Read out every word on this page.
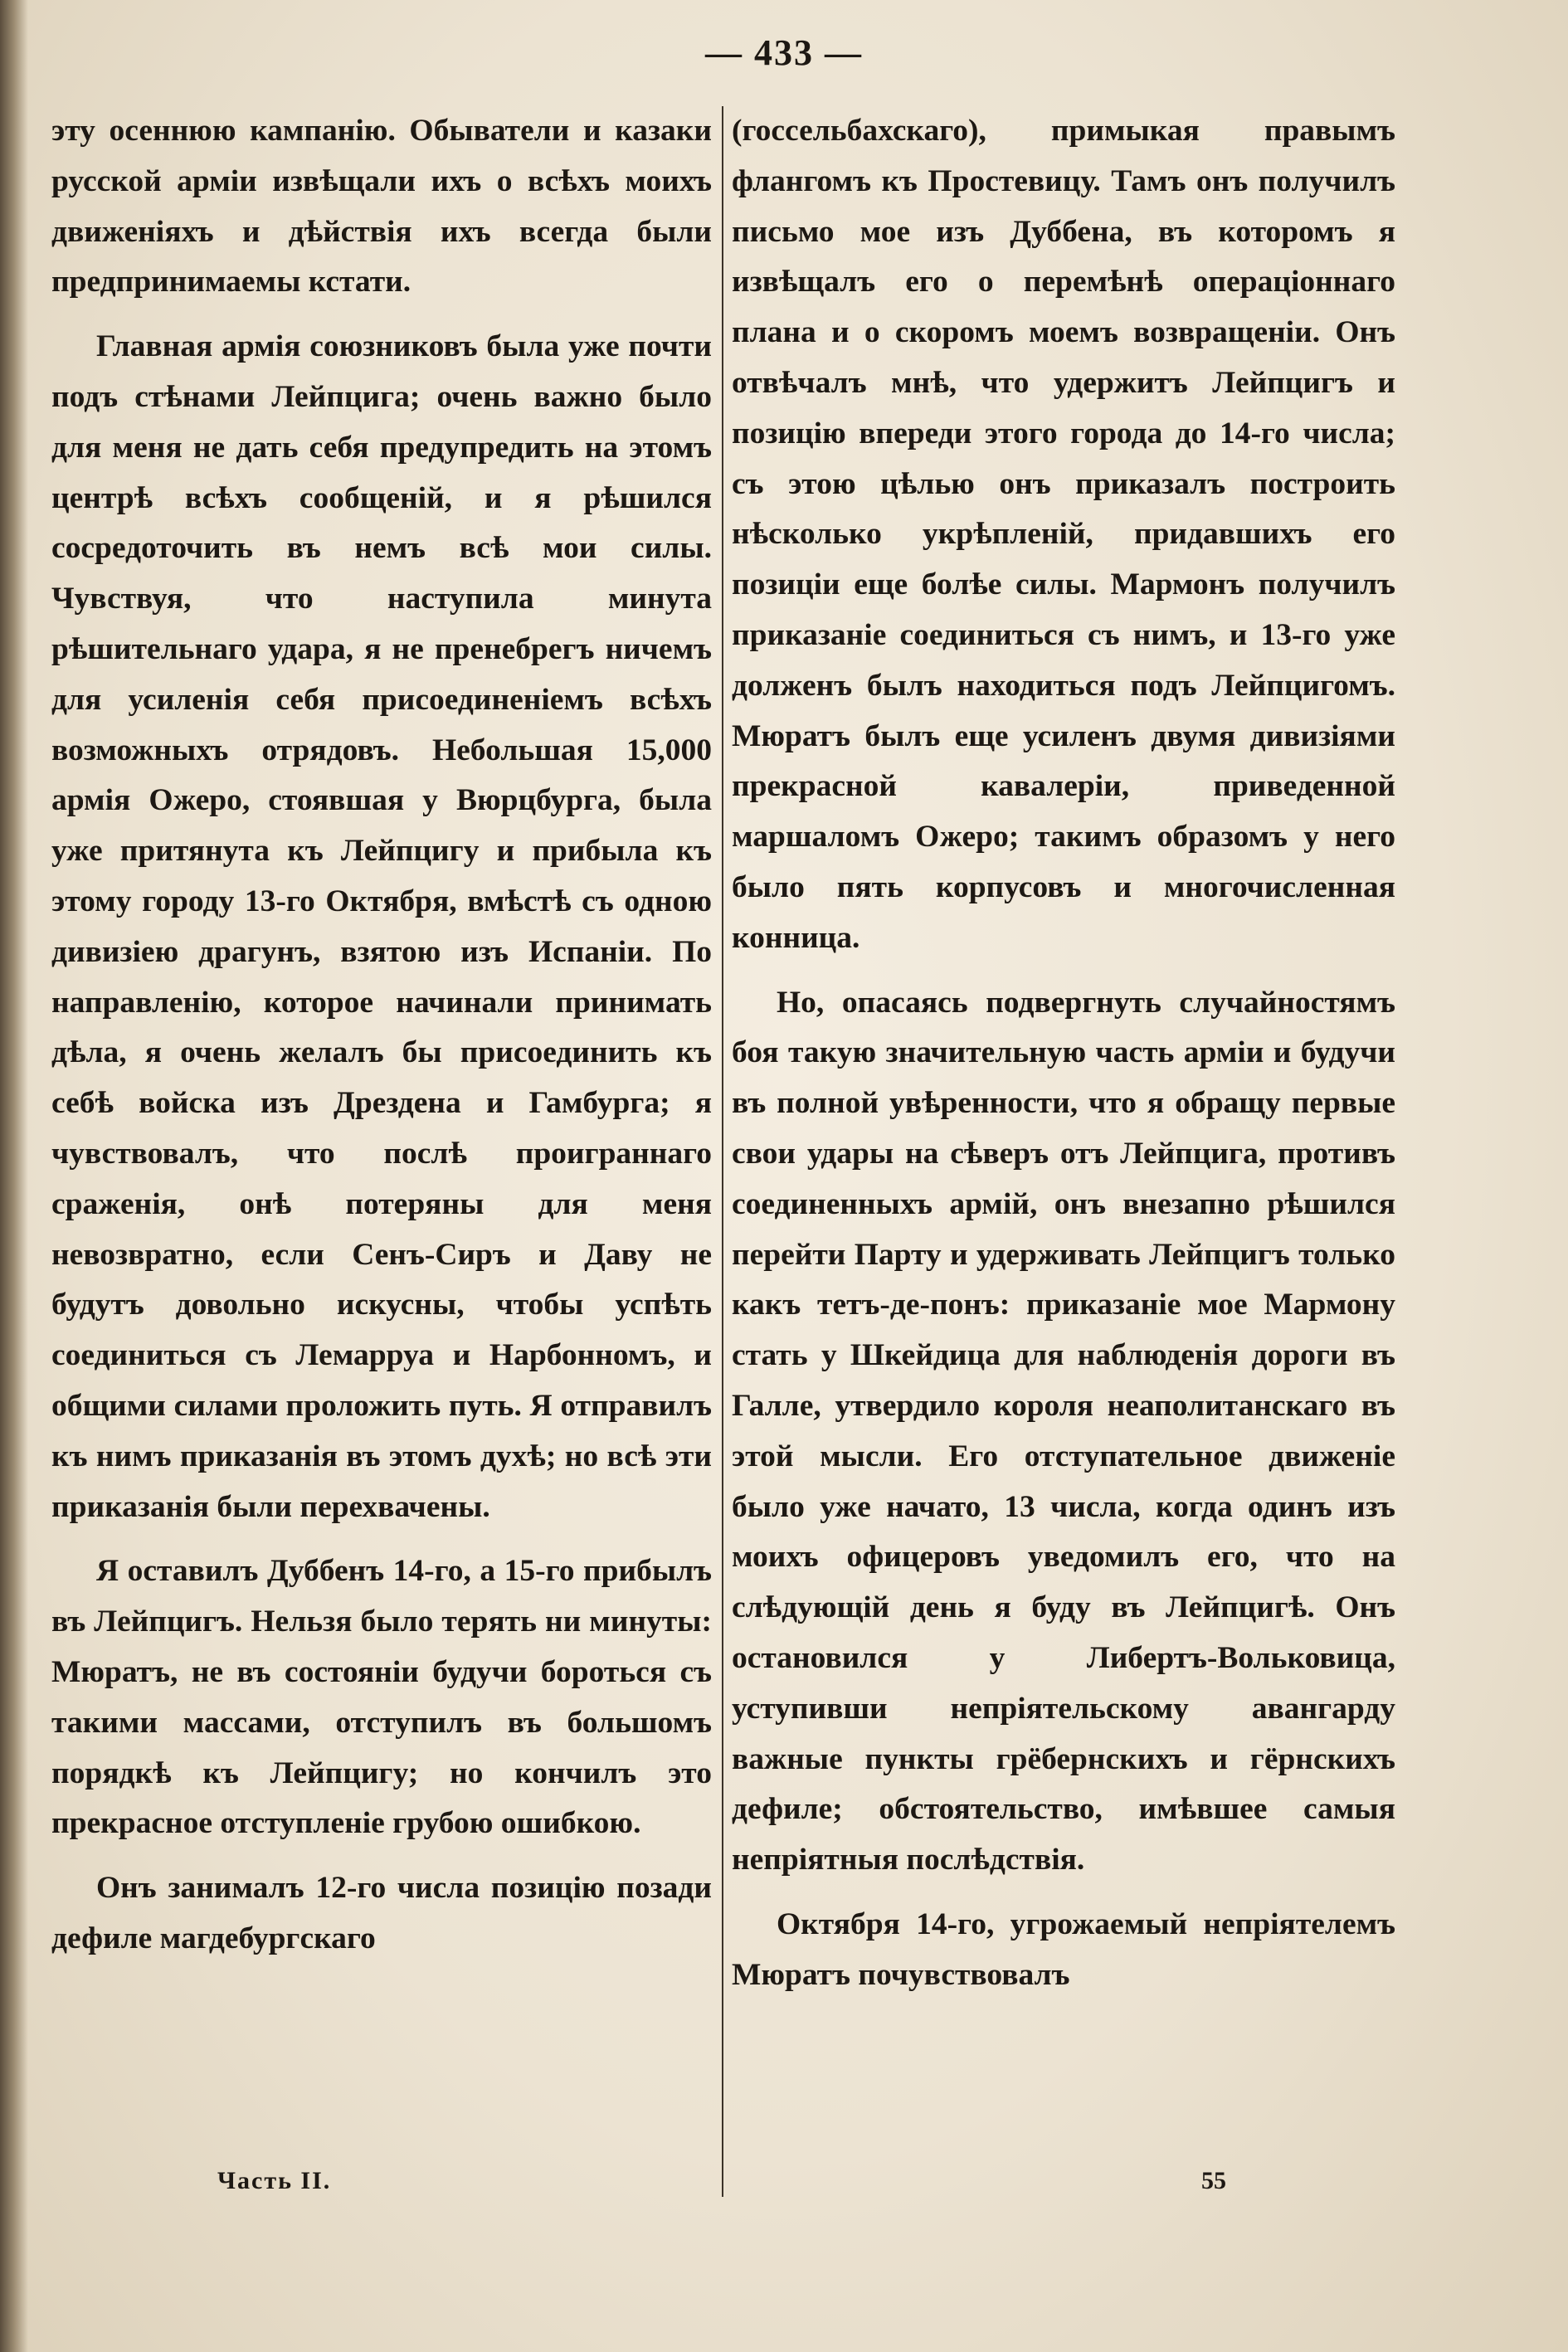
— 433 —

эту осеннюю кампанію. Обыватели и казаки русской арміи извѣщали ихъ о всѣхъ моихъ движеніяхъ и дѣйствія ихъ всегда были предпринимаемы кстати.

Главная армія союзниковъ была уже почти подъ стѣнами Лейпцига; очень важно было для меня не дать себя предупредить на этомъ центрѣ всѣхъ сообщеній, и я рѣшился сосредоточить въ немъ всѣ мои силы. Чувствуя, что наступила минута рѣшительнаго удара, я не пренебрегъ ничемъ для усиленія себя присоединеніемъ всѣхъ возможныхъ отрядовъ. Небольшая 15,000 армія Ожеро, стоявшая у Вюрцбурга, была уже притянута къ Лейпцигу и прибыла къ этому городу 13-го Октября, вмѣстѣ съ одною дивизіею драгунъ, взятою изъ Испаніи. По направленію, которое начинали принимать дѣла, я очень желалъ бы присоединить къ себѣ войска изъ Дрездена и Гамбурга; я чувствовалъ, что послѣ проиграннаго сраженія, онѣ потеряны для меня невозвратно, если Сенъ-Сиръ и Даву не будутъ довольно искусны, чтобы успѣть соединиться съ Лемарруа и Нарбонномъ, и общими силами проложить путь. Я отправилъ къ нимъ приказанія въ этомъ духѣ; но всѣ эти приказанія были перехвачены.

Я оставилъ Дуббенъ 14-го, а 15-го прибылъ въ Лейпцигъ. Нельзя было терять ни минуты: Мюратъ, не въ состояніи будучи бороться съ такими массами, отступилъ въ большомъ порядкѣ къ Лейпцигу; но кончилъ это прекрасное отступленіе грубою ошибкою.

Онъ занималъ 12-го числа позицію позади дефиле магдебургскаго

(госсельбахскаго), примыкая правымъ флангомъ къ Простевицу. Тамъ онъ получилъ письмо мое изъ Дуббена, въ которомъ я извѣщалъ его о перемѣнѣ операціоннаго плана и о скоромъ моемъ возвращеніи. Онъ отвѣчалъ мнѣ, что удержитъ Лейпцигъ и позицію впереди этого города до 14-го числа; съ этою цѣлью онъ приказалъ построить нѣсколько укрѣпленій, придавшихъ его позиціи еще болѣе силы. Мармонъ получилъ приказаніе соединиться съ нимъ, и 13-го уже долженъ былъ находиться подъ Лейпцигомъ. Мюратъ былъ еще усиленъ двумя дивизіями прекрасной кавалеріи, приведенной маршаломъ Ожеро; такимъ образомъ у него было пять корпусовъ и многочисленная конница.

Но, опасаясь подвергнуть случайностямъ боя такую значительную часть арміи и будучи въ полной увѣренности, что я обращу первые свои удары на сѣверъ отъ Лейпцига, противъ соединенныхъ армій, онъ внезапно рѣшился перейти Парту и удерживать Лейпцигъ только какъ тетъ-де-понъ: приказаніе мое Мармону стать у Шкейдица для наблюденія дороги въ Галле, утвердило короля неаполитанскаго въ этой мысли. Его отступательное движеніе было уже начато, 13 числа, когда одинъ изъ моихъ офицеровъ уведомилъ его, что на слѣдующій день я буду въ Лейпцигѣ. Онъ остановился у Либертъ-Вольковица, уступивши непріятельскому авангарду важные пункты грёбернскихъ и гёрнскихъ дефиле; обстоятельство, имѣвшее самыя непріятныя послѣдствія.

Октября 14-го, угрожаемый непріятелемъ Мюратъ почувствовалъ

Часть II.	55
